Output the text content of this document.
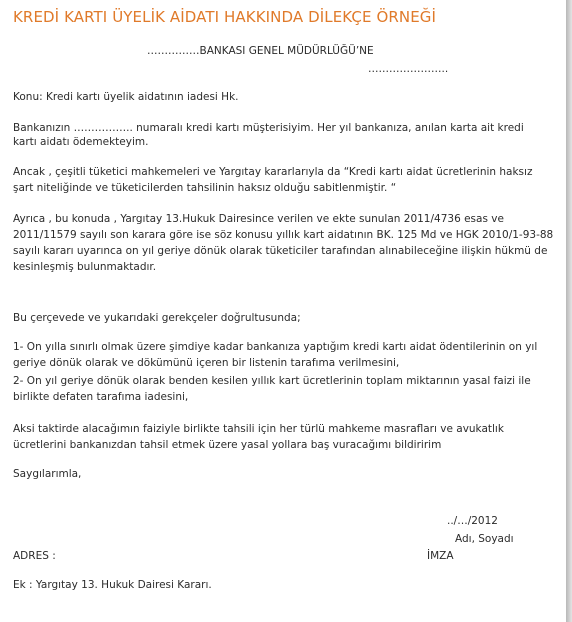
KREDİ KARTI ÜYELİK AİDATI HAKKINDA DİLEKÇE ÖRNEĞİ
……………BANKASI GENEL MÜDÜRLÜĞÜ’NE
…………………..
Konu: Kredi kartı üyelik aidatının iadesi Hk.
Bankanızın …………….. numaralı kredi kartı müşterisiyim. Her yıl bankanıza, anılan karta ait kredi
kartı aidatı ödemekteyim.
Ancak , çeşitli tüketici mahkemeleri ve Yargıtay kararlarıyla da “Kredi kartı aidat ücretlerinin haksız
şart niteliğinde ve tüketicilerden tahsilinin haksız olduğu sabitlenmiştir. “
Ayrıca , bu konuda , Yargıtay 13.Hukuk Dairesince verilen ve ekte sunulan 2011/4736 esas ve
2011/11579 sayılı son karara göre ise söz konusu yıllık kart aidatının BK. 125 Md ve HGK 2010/1-93-88
sayılı kararı uyarınca on yıl geriye dönük olarak tüketiciler tarafından alınabileceğine ilişkin hükmü de
kesinleşmiş bulunmaktadır.
Bu çerçevede ve yukarıdaki gerekçeler doğrultusunda;
1- On yılla sınırlı olmak üzere şimdiye kadar bankanıza yaptığım kredi kartı aidat ödentilerinin on yıl
geriye dönük olarak ve dökümünü içeren bir listenin tarafıma verilmesini,
2- On yıl geriye dönük olarak benden kesilen yıllık kart ücretlerinin toplam miktarının yasal faizi ile
birlikte defaten tarafıma iadesini,
Aksi taktirde alacağımın faiziyle birlikte tahsili için her türlü mahkeme masrafları ve avukatlık
ücretlerini bankanızdan tahsil etmek üzere yasal yollara baş vuracağımı bildiririm
Saygılarımla,
../…/2012
Adı, Soyadı
ADRES :	İMZA
Ek : Yargıtay 13. Hukuk Dairesi Kararı.
